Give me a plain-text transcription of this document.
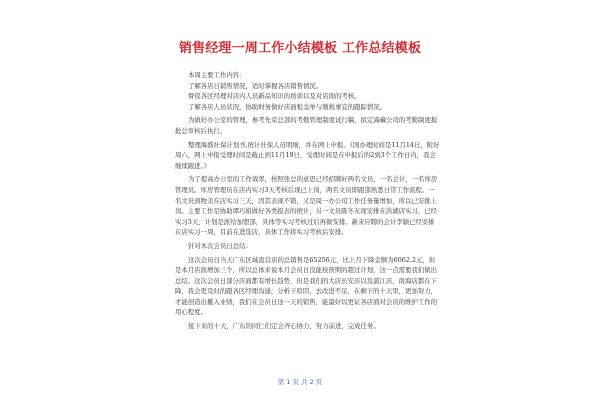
销售经理一周工作小结模板 工作总结模板

本周主要工作内容：

了解各店日销售情况，适时掌握各店销售情况。

督促各区经理对店内人员新品知识的培训以及对店面的考核。

了解各店人员状况，协助财务做好店面租金单与缴税事宜的跟踪情况。

为做好办公室的管理，参考先京总部的考勤管理制度试行稿，拟定海藏公司的考勤制度报批总审核后执行。

整理海盛社保计划书,统计社保人员明细，并在网上申报。《国办理时间是11月14日，附好周六，网上申报受理时间是截止到11月19日，受理时间是在申报后的2到3个工作日内，我会继续跟进。》

为了提高办公室的工作效率，按照张总的意思已经招聘好两名文员，一名会计，一名库房管理员。库房管理员在店内实习3天考核后现已上岗，两名文员即跟部熟悉日常工作流程。一名文员到物美在店实习三天，因其表现不错，又是周一办公司工作任务量增加，所以已安排上岗。主要工作是协助谭巧娟做好各类报表的统计，另一文员陈冬友现安排在洪湖店实习，已经实习3天，计划是派给加盟部，具体等实习考核过后再做安排。新来应聘的会计李颖已经安排在店实习一周，目前在进选店，具体工作将实习考核后安排。

针对本次会员日总结：

这次会员日当天广东区域直营店的总销售是65256元，比上月下降金额为6062.2元，但是本月店面增加三个，所以总体来说本月会员日没能按预期的超过计划，这一点需要我们做出总结。这次会员日部分店面都有增长趋势，但是我们的大店长安店以及湛江店，南海店都在下降，我会更及时的跟各区经理沟通，分析下原因，去改进不足，在剩下的十天里，更加努力，才能创造出撤入业绩，我们在会员日这一天的销售，能最好以更证各店面对会员的维护工作的用心程度。

接下来的十天，广东的同仁们定会齐心协力，努力前进，完成任务。

第 1 页 共 2 页
